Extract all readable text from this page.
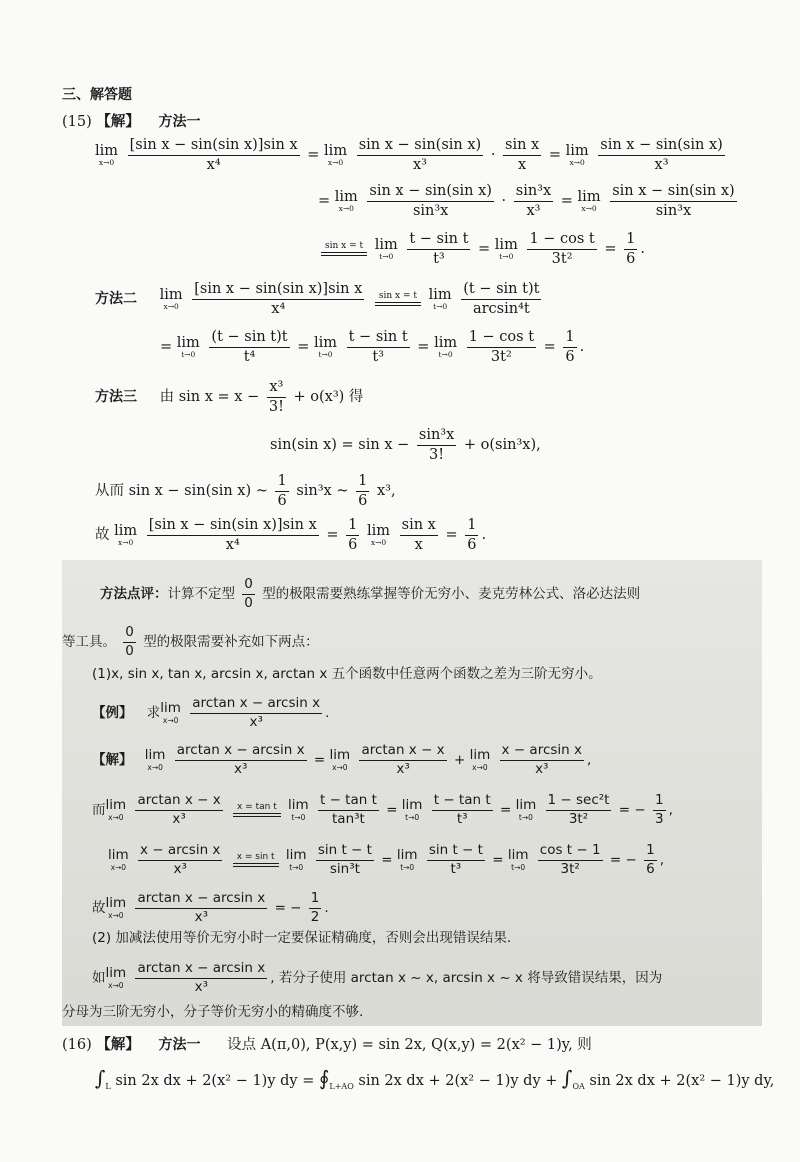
三、解答题
(15) 【解】 方法一
lim
x→0
$\frac{\text{[sin x − sin(sin x)]sin x}}{\text{x⁴}} = \lim$
x→0
$\frac{\text{sin x − sin(sin x)}}{\text{x³}} \cdot \frac{\text{sin x}}{x} = \lim$
x→0
$\frac{\text{sin x − sin(sin x)}}{\text{x³}}$
= lim
x→0
$\frac{\text{sin x − sin(sin x)}}{\text{sin³x}} \cdot \frac{\text{sin³x}}{\text{x³}} = \lim$
x→0
$\frac{\text{sin x − sin(sin x)}}{\text{sin³x}}$
sin x = t
lim
t→0
$\frac{\text{t − sin t}}{\text{t³}} = \lim$
t→0
$\frac{\text{1 − cos t}}{\text{3t²}} = \frac{1}{6}$ .
方法二 lim
x→0
$\frac{\text{[sin x − sin(sin x)]sin x}}{\text{x⁴}}$
	sin x = t
lim
t→0
$\frac{\text{(t − sin t)t}}{\text{arcsin⁴t}}$
= lim
t→0
$\frac{\text{(t − sin t)t}}{\text{t⁴}} = \lim$
t→0
$\frac{\text{t − sin t}}{\text{t³}} = \lim$
t→0
$\frac{\text{1 − cos t}}{\text{3t²}} = \frac{1}{6}$ .
方法三 由 $\sin x = x - \frac{\text{x³}}{3!} + o(x^3)$ 得
sin(sin $x) = \sin x - \frac{\text{sin³x}}{3!} + o(\sin^3x)$,
从而 sin x − sin(sin x) ~ $\frac{1}{6} \sin^3x$ ~ $\frac{1}{6} x^3$,
故 lim
x→0
$\frac{\text{[sin x − sin(sin x)]sin x}}{\text{x⁴}} = \frac{1}{6}$
lim
x→0
$\frac{\text{sin x}}{x} = \frac{1}{6}$ .
方法点评：计算不定型 $\frac{0}{0}$ 型的极限需要熟练掌握等价无穷小、麦克劳林公式、洛必达法则
等工具。 $\frac{0}{0}$ 型的极限需要补充如下两点：
(1)x, sin x, tan x, arcsin x, arctan x 五个函数中任意两个函数之差为三阶无穷小。
【例】 求 lim
x→0
$\frac{\text{arctan x − arcsin x}}{\text{x³}}$ .
【解】 lim
x→0
$\frac{\text{arctan x − arcsin x}}{\text{x³}} = \lim$
x→0
$\frac{\text{arctan x − x}}{\text{x³}} + \lim$
x→0
$\frac{\text{x − arcsin x}}{\text{x³}}$ ,
而 lim
x→0
$\frac{\text{arctan x − x}}{\text{x³}}$
	x = tan t
lim
t→0
$\frac{\text{t − tan t}}{\text{tan³t}} = \lim$
t→0
$\frac{\text{t − tan t}}{\text{t³}} = \lim$
t→0
$\frac{\text{1 − sec²t}}{\text{3t²}}$ = − $\frac{1}{3}$ ,
lim
x→0
$\frac{\text{x − arcsin x}}{\text{x³}}$
	x = sin t
lim
t→0
$\frac{\text{sin t − t}}{\text{sin³t}} = \lim$
t→0
$\frac{\text{sin t − t}}{\text{t³}} = \lim$
t→0
$\frac{\text{cos t − 1}}{\text{3t²}}$ = − $\frac{1}{6}$ ,
故 lim
x→0
$\frac{\text{arctan x − arcsin x}}{\text{x³}}$ = − $\frac{1}{2}$ .
(2) 加减法使用等价无穷小时一定要保证精确度，否则会出现错误结果.
如 lim
x→0
$\frac{\text{arctan x − arcsin x}}{\text{x³}}$ , 若分子使用 arctan x ~ x, arcsin x ~ x 将导致错误结果，因为
分母为三阶无穷小，分子等价无穷小的精确度不够.
(16) 【解】 方法一 设点 A(π,0), P(x,y) = sin 2x, Q(x,y) = 2(x² − 1)y, 则
$\int_L$ sin 2x dx + 2(x² − 1)y dy = $∮_{L+AO}$ sin 2x dx + 2(x² − 1)y dy + $\int_{OA}$ sin 2x dx + 2(x² − 1)y dy,
